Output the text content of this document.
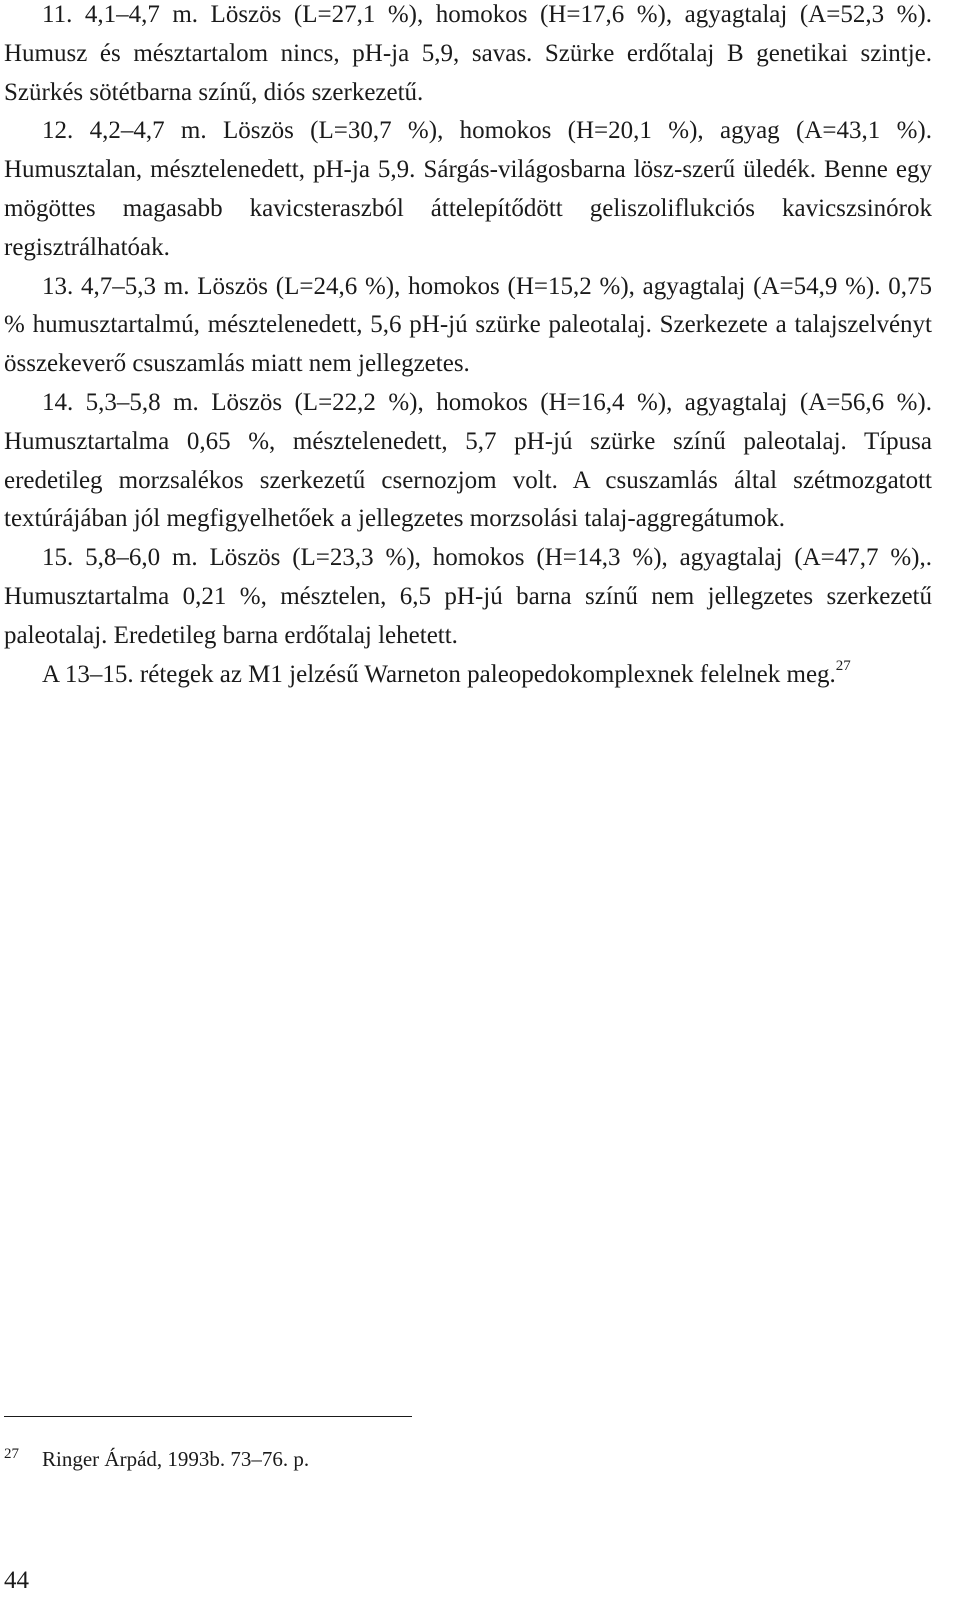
11. 4,1–4,7 m. Löszös (L=27,1 %), homokos (H=17,6 %), agyagtalaj (A=52,3 %). Humusz és mésztartalom nincs, pH-ja 5,9, savas. Szürke erdőtalaj B genetikai szintje. Szürkés sötétbarna színű, diós szerkezetű.

12. 4,2–4,7 m. Löszös (L=30,7 %), homokos (H=20,1 %), agyag (A=43,1 %). Humusztalan, mésztelenedett, pH-ja 5,9. Sárgás-világosbarna lösz-szerű üledék. Benne egy mögöttes magasabb kavicsteraszból áttelepítődött geliszoliflukciós kavicszsinórok regisztrálhatóak.

13. 4,7–5,3 m. Löszös (L=24,6 %), homokos (H=15,2 %), agyagtalaj (A=54,9 %). 0,75 % humusztartalmú, mésztelenedett, 5,6 pH-jú szürke paleotalaj. Szerkezete a talajszelvényt összekeverő csuszamlás miatt nem jellegzetes.

14. 5,3–5,8 m. Löszös (L=22,2 %), homokos (H=16,4 %), agyagtalaj (A=56,6 %). Humusztartalma 0,65 %, mésztelenedett, 5,7 pH-jú szürke színű paleotalaj. Típusa eredetileg morzsalékos szerkezetű csernozjom volt. A csuszamlás által szétmozgatott textúrájában jól megfigyelhetőek a jellegzetes morzsolási talaj-aggregátumok.

15. 5,8–6,0 m. Löszös (L=23,3 %), homokos (H=14,3 %), agyagtalaj (A=47,7 %),. Humusztartalma 0,21 %, mésztelen, 6,5 pH-jú barna színű nem jellegzetes szerkezetű paleotalaj. Eredetileg barna erdőtalaj lehetett.

A 13–15. rétegek az M1 jelzésű Warneton paleopedokomplexnek felelnek meg.$^{27}$

27 Ringer Árpád, 1993b. 73–76. p.
44
